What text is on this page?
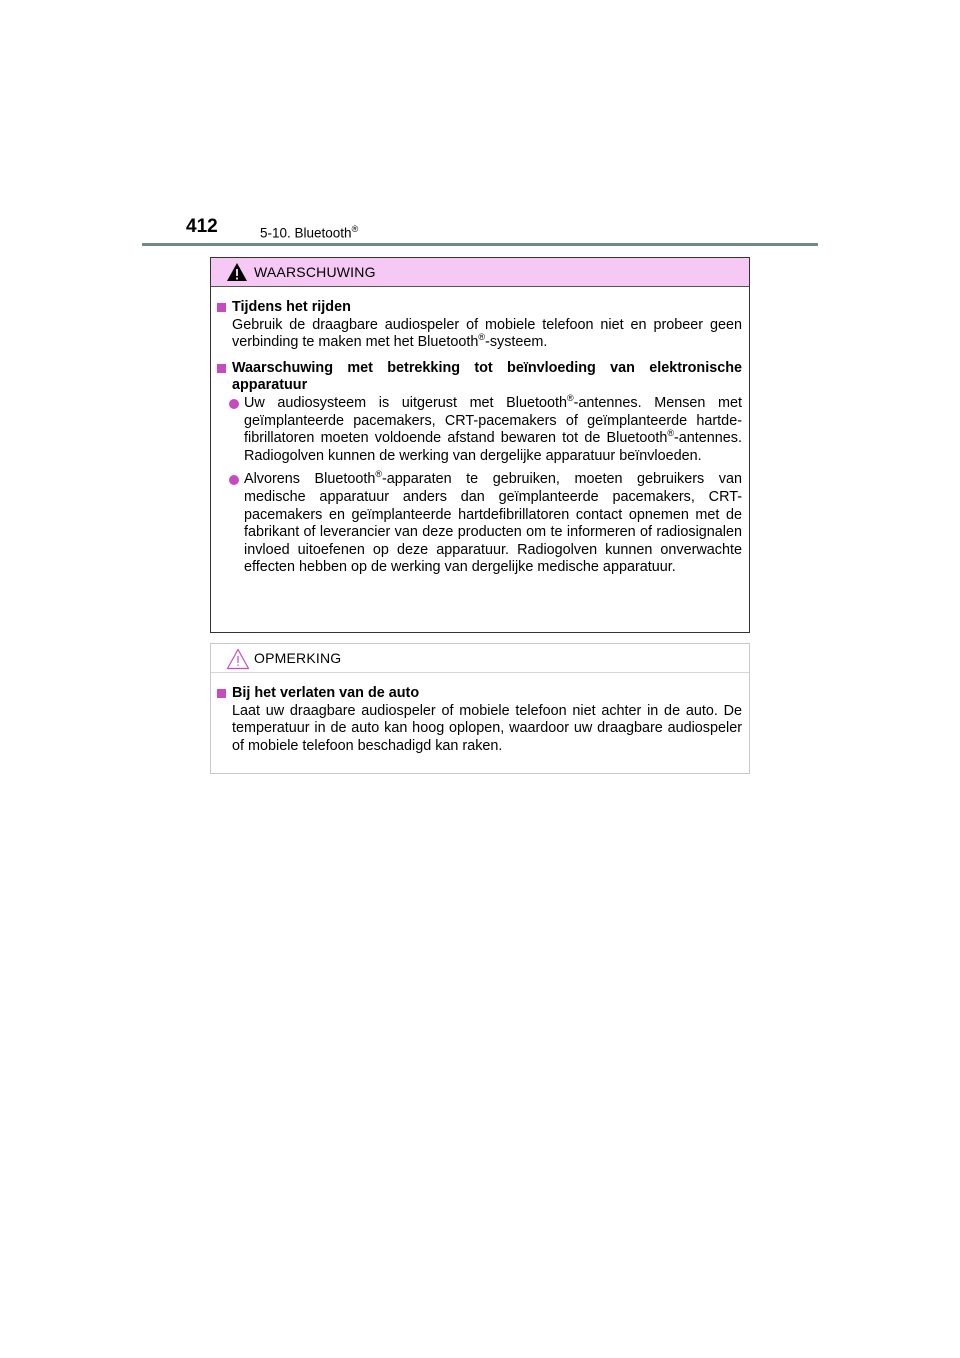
412	5-10. Bluetooth®
WAARSCHUWING
Tijdens het rijden
Gebruik de draagbare audiospeler of mobiele telefoon niet en probeer geen verbinding te maken met het Bluetooth®-systeem.
Waarschuwing met betrekking tot beïnvloeding van elektronische apparatuur
Uw audiosysteem is uitgerust met Bluetooth®-antennes. Mensen met geïmplanteerde pacemakers, CRT-pacemakers of geïmplanteerde hartdefibrillatoren moeten voldoende afstand bewaren tot de Bluetooth®-antennes. Radiogolven kunnen de werking van dergelijke apparatuur beïnvloeden.
Alvorens Bluetooth®-apparaten te gebruiken, moeten gebruikers van medische apparatuur anders dan geïmplanteerde pacemakers, CRT-pacemakers en geïmplanteerde hartdefibrillatoren contact opnemen met de fabrikant of leverancier van deze producten om te informeren of radiosignalen invloed uitoefenen op deze apparatuur. Radiogolven kunnen onverwachte effecten hebben op de werking van dergelijke medische apparatuur.
OPMERKING
Bij het verlaten van de auto
Laat uw draagbare audiospeler of mobiele telefoon niet achter in de auto. De temperatuur in de auto kan hoog oplopen, waardoor uw draagbare audiospeler of mobiele telefoon beschadigd kan raken.
